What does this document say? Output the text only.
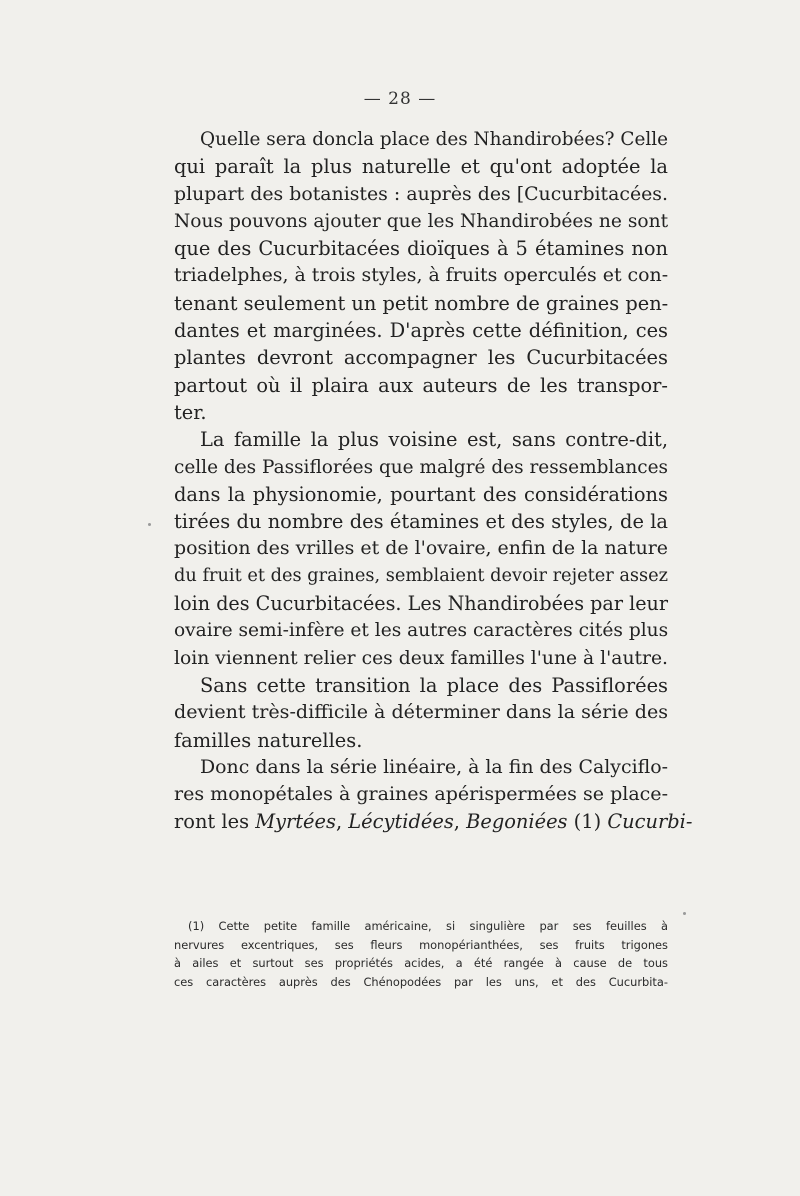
— 28 —
Quelle sera doncla place des Nhandirobées? Celle
qui paraît la plus naturelle et qu'ont adoptée la
plupart des botanistes : auprès des [Cucurbitacées.
Nous pouvons ajouter que les Nhandirobées ne sont
que des Cucurbitacées dioïques à 5 étamines non
triadelphes, à trois styles, à fruits operculés et con-
tenant seulement un petit nombre de graines pen-
dantes et marginées. D'après cette définition, ces
plantes devront accompagner les Cucurbitacées
partout où il plaira aux auteurs de les transpor-
ter.
La famille la plus voisine est, sans contre-dit,
celle des Passiflorées que malgré des ressemblances
dans la physionomie, pourtant des considérations
tirées du nombre des étamines et des styles, de la
position des vrilles et de l'ovaire, enfin de la nature
du fruit et des graines, semblaient devoir rejeter assez
loin des Cucurbitacées. Les Nhandirobées par leur
ovaire semi-infère et les autres caractères cités plus
loin viennent relier ces deux familles l'une à l'autre.
Sans cette transition la place des Passiflorées
devient très-difficile à déterminer dans la série des
familles naturelles.
Donc dans la série linéaire, à la fin des Calyciflo-
res monopétales à graines apérispermées se place-
ront les Myrtées, Lécytidées, Begoniées (1) Cucurbi-
(1) Cette petite famille américaine, si singulière par ses feuilles à
nervures excentriques, ses fleurs monopérianthées, ses fruits trigones
à ailes et surtout ses propriétés acides, a été rangée à cause de tous
ces caractères auprès des Chénopodées par les uns, et des Cucurbita-
